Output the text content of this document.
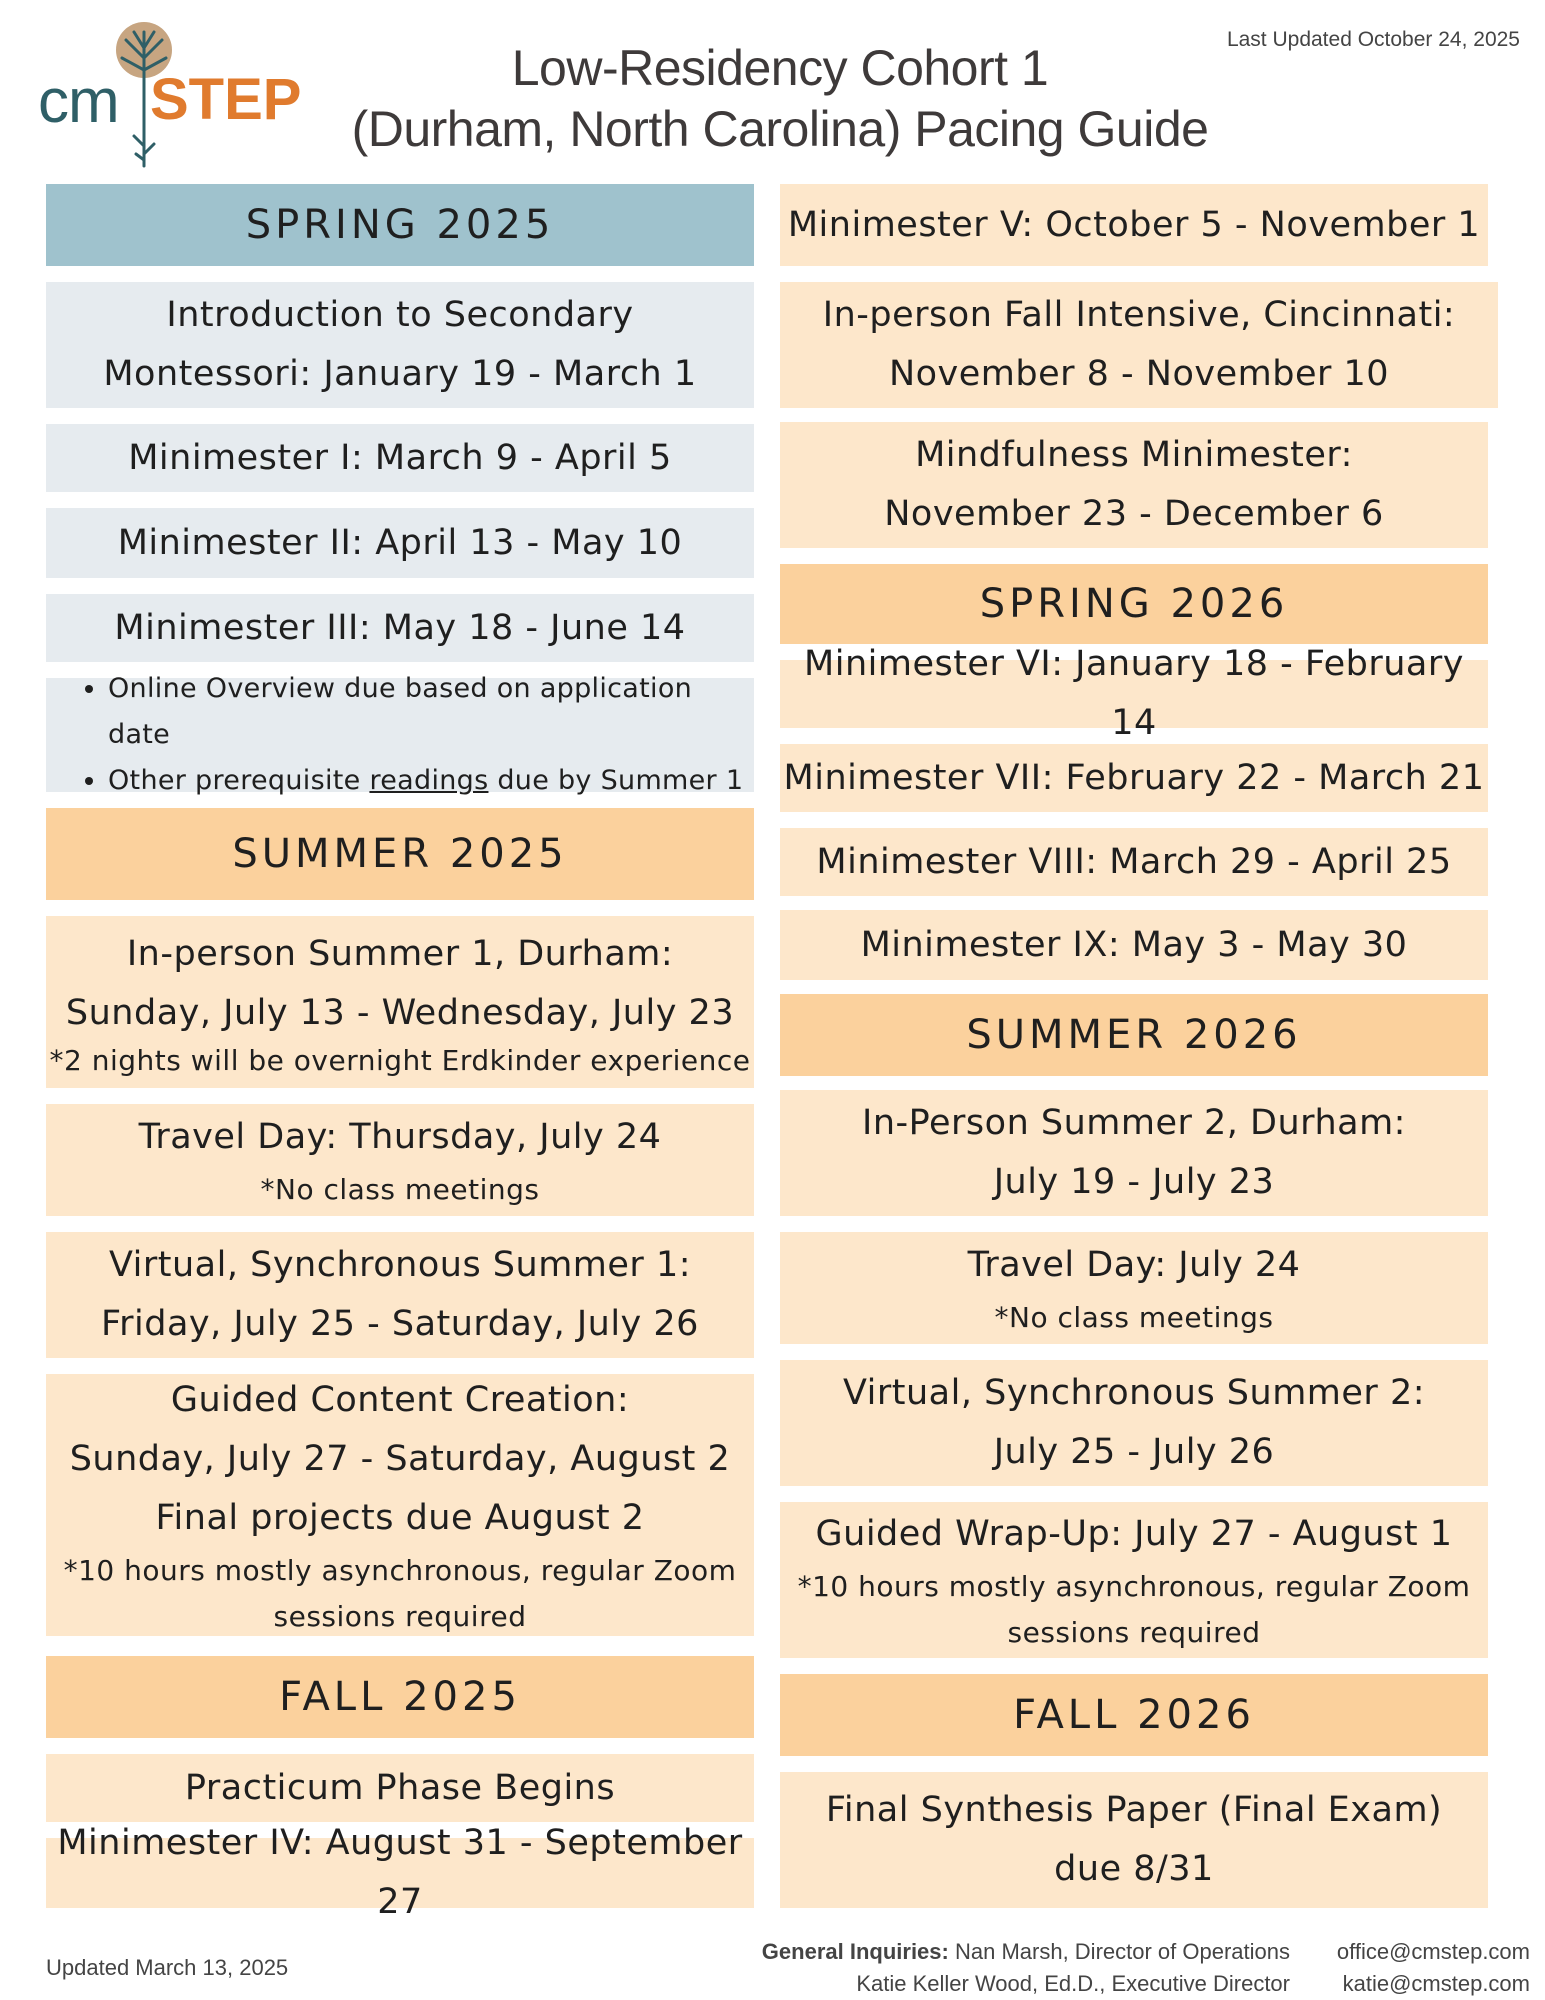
cm STEP	Low-Residency Cohort 1
(Durham, North Carolina) Pacing Guide
Last Updated October 24, 2025
SPRING 2025
Introduction to Secondary
Montessori: January 19 - March 1
Minimester I: March 9 - April 5
Minimester II: April 13 - May 10
Minimester III: May 18 - June 14
• Online Overview due based on application date
• Other prerequisite readings due by Summer 1
SUMMER 2025
In-person Summer 1, Durham:
Sunday, July 13 - Wednesday, July 23
*2 nights will be overnight Erdkinder experience
Travel Day: Thursday, July 24
*No class meetings
Virtual, Synchronous Summer 1:
Friday, July 25 - Saturday, July 26
Guided Content Creation:
Sunday, July 27 - Saturday, August 2
Final projects due August 2
*10 hours mostly asynchronous, regular Zoom
sessions required
FALL 2025
Practicum Phase Begins
Minimester IV: August 31 - September 27
Minimester V: October 5 - November 1
In-person Fall Intensive, Cincinnati:
November 8 - November 10
Mindfulness Minimester:
November 23 - December 6
SPRING 2026
Minimester VI: January 18 - February 14
Minimester VII: February 22 - March 21
Minimester VIII: March 29 - April 25
Minimester IX: May 3 - May 30
SUMMER 2026
In-Person Summer 2, Durham:
July 19 - July 23
Travel Day: July 24
*No class meetings
Virtual, Synchronous Summer 2:
July 25 - July 26
Guided Wrap-Up: July 27 - August 1
*10 hours mostly asynchronous, regular Zoom
sessions required
FALL 2026
Final Synthesis Paper (Final Exam)
due 8/31
Updated March 13, 2025
General Inquiries: Nan Marsh, Director of Operations	office@cmstep.com
Katie Keller Wood, Ed.D., Executive Director	katie@cmstep.com
